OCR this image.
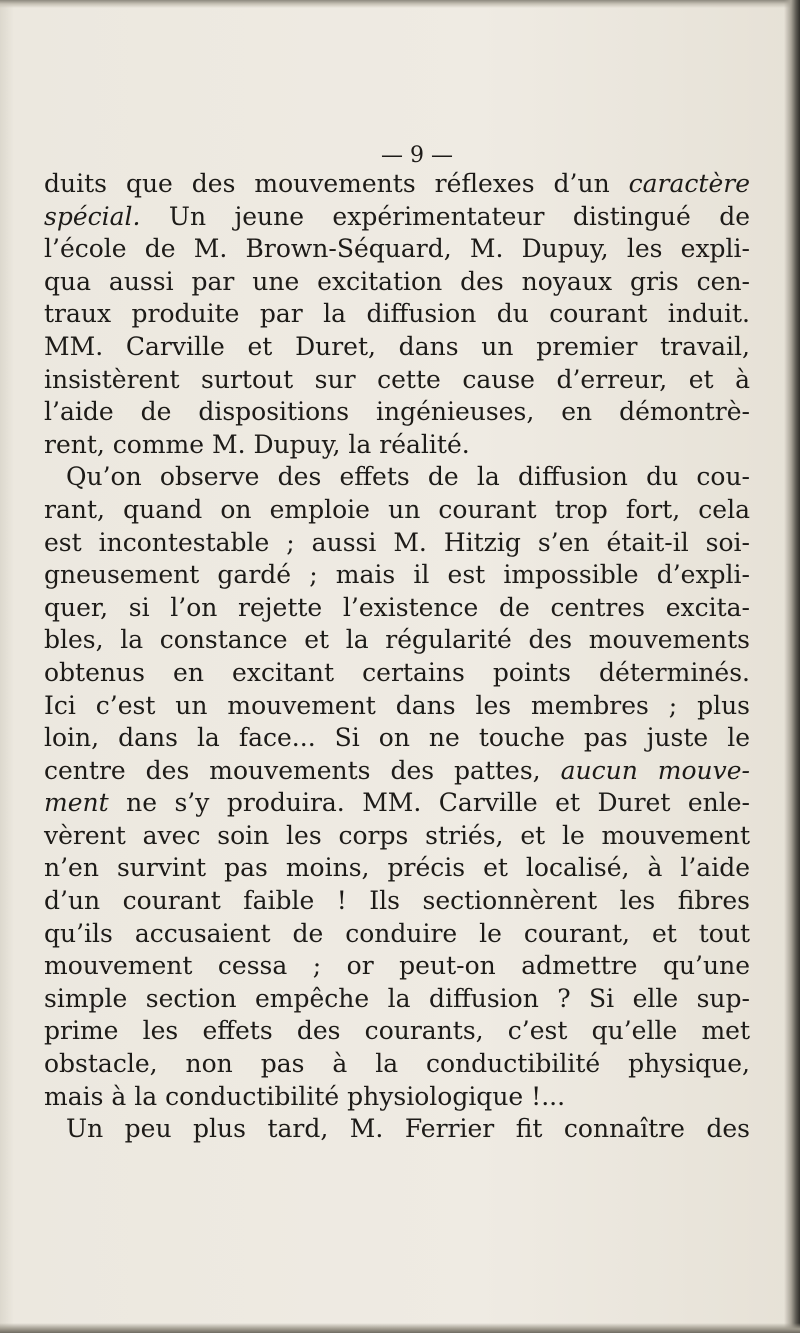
— 9 —
duits que des mouvements réflexes d’un caractère
spécial. Un jeune expérimentateur distingué de
l’école de M. Brown-Séquard, M. Dupuy, les expli-
qua aussi par une excitation des noyaux gris cen-
traux produite par la diffusion du courant induit.
MM. Carville et Duret, dans un premier travail,
insistèrent surtout sur cette cause d’erreur, et à
l’aide de dispositions ingénieuses, en démontrè-
rent, comme M. Dupuy, la réalité.
Qu’on observe des effets de la diffusion du cou-
rant, quand on emploie un courant trop fort, cela
est incontestable ; aussi M. Hitzig s’en était-il soi-
gneusement gardé ; mais il est impossible d’expli-
quer, si l’on rejette l’existence de centres excita-
bles, la constance et la régularité des mouvements
obtenus en excitant certains points déterminés.
Ici c’est un mouvement dans les membres ; plus
loin, dans la face... Si on ne touche pas juste le
centre des mouvements des pattes, aucun mouve-
ment ne s’y produira. MM. Carville et Duret enle-
vèrent avec soin les corps striés, et le mouvement
n’en survint pas moins, précis et localisé, à l’aide
d’un courant faible ! Ils sectionnèrent les fibres
qu’ils accusaient de conduire le courant, et tout
mouvement cessa ; or peut-on admettre qu’une
simple section empêche la diffusion ? Si elle sup-
prime les effets des courants, c’est qu’elle met
obstacle, non pas à la conductibilité physique,
mais à la conductibilité physiologique !...
Un peu plus tard, M. Ferrier fit connaître des
